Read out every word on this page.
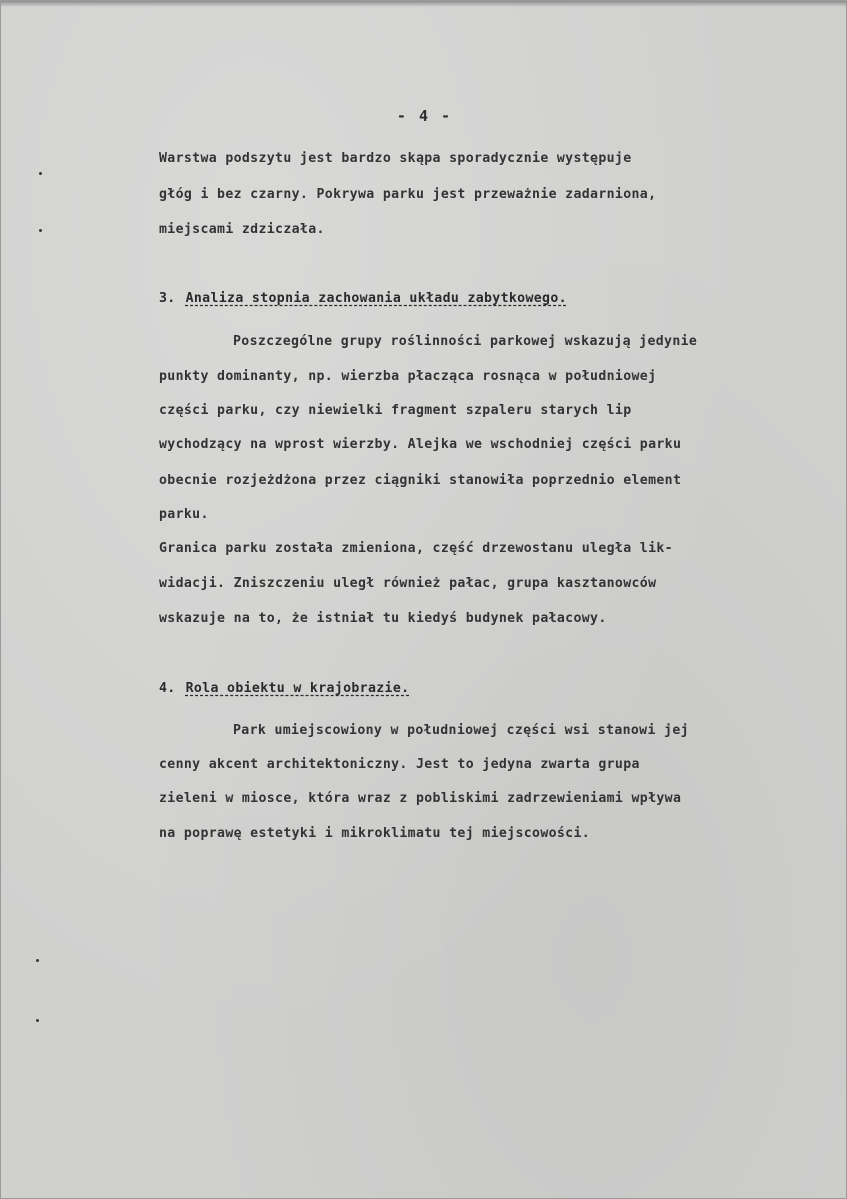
- 4 -
Warstwa podszytu jest bardzo skąpa sporadycznie występuje
głóg i bez czarny. Pokrywa parku jest przeważnie zadarniona,
miejscami zdziczała.
3. Analiza stopnia zachowania układu zabytkowego.
Poszczególne grupy roślinności parkowej wskazują jedynie
punkty dominanty, np. wierzba płacząca rosnąca w południowej
części parku, czy niewielki fragment szpaleru starych lip
wychodzący na wprost wierzby. Alejka we wschodniej części parku
obecnie rozjeżdżona przez ciągniki stanowiła poprzednio element
parku.
Granica parku została zmieniona, część drzewostanu uległa lik-
widacji. Zniszczeniu uległ również pałac, grupa kasztanowców
wskazuje na to, że istniał tu kiedyś budynek pałacowy.
4. Rola obiektu w krajobrazie.
Park umiejscowiony w południowej części wsi stanowi jej
cenny akcent architektoniczny. Jest to jedyna zwarta grupa
zieleni w miosce, która wraz z pobliskimi zadrzewieniami wpływa
na poprawę estetyki i mikroklimatu tej miejscowości.
